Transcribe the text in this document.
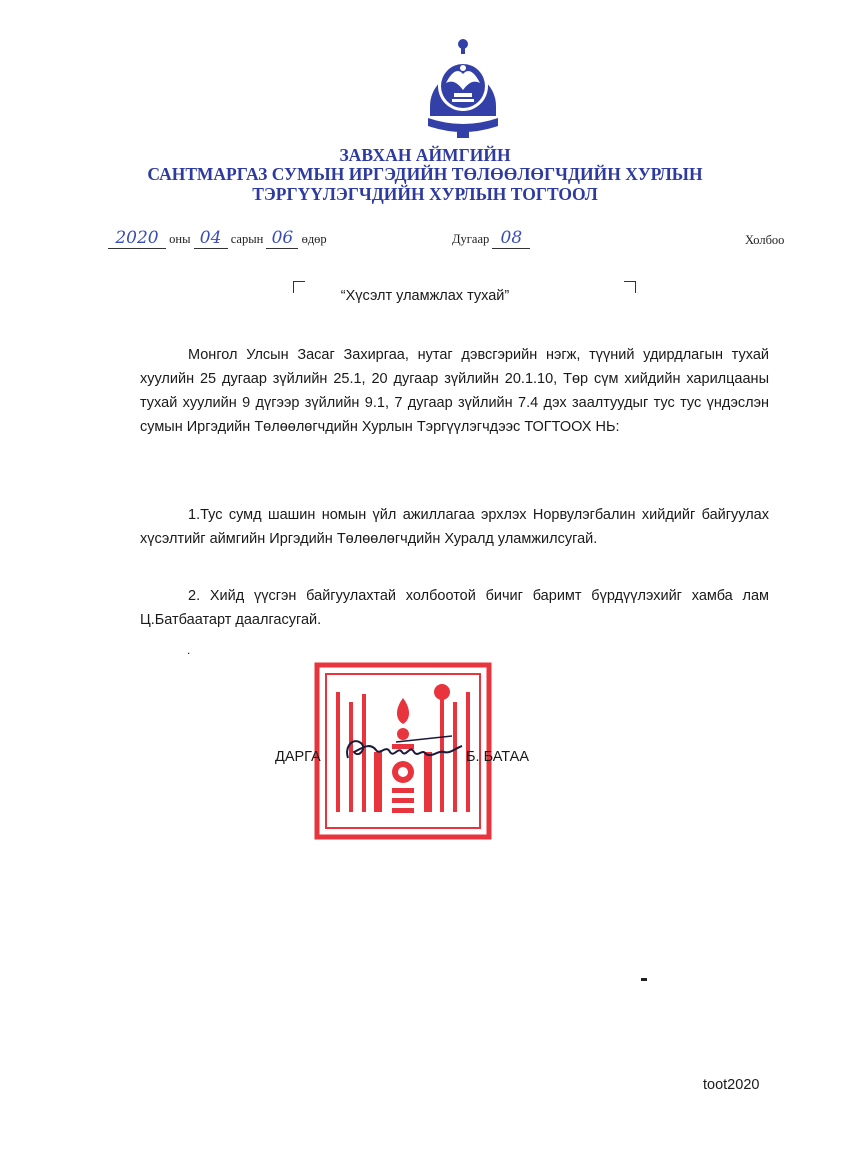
ЗАВХАН АЙМГИЙН
САНТМАРГАЗ СУМЫН ИРГЭДИЙН ТӨЛӨӨЛӨГЧДИЙН ХУРЛЫН
ТЭРГҮҮЛЭГЧДИЙН ХУРЛЫН ТОГТООЛ
2020 оны 04 сарын 06 өдөр	Дугаар 08	Холбоо
“Хүсэлт уламжлах тухай”
Монгол Улсын Засаг Захиргаа, нутаг дэвсгэрийн нэгж, түүний удирдлагын тухай хуулийн 25 дугаар зүйлийн 25.1, 20 дугаар зүйлийн 20.1.10, Төр сүм хийдийн харилцааны тухай хуулийн 9 дүгээр зүйлийн 9.1, 7 дугаар зүйлийн 7.4 дэх заалтуудыг тус тус үндэслэн сумын Иргэдийн Төлөөлөгчдийн Хурлын Тэргүүлэгчдээс ТОГТООХ НЬ:
1.Тус сумд шашин номын үйл ажиллагаа эрхлэх Норвулэгбалин хийдийг байгуулах хүсэлтийг аймгийн Иргэдийн Төлөөлөгчдийн Хуралд уламжилсугай.
2. Хийд үүсгэн байгуулахтай холбоотой бичиг баримт бүрдүүлэхийг хамба лам Ц.Батбаатарт даалгасугай.
.
ДАРГА	Б. БАТАА
toot2020
